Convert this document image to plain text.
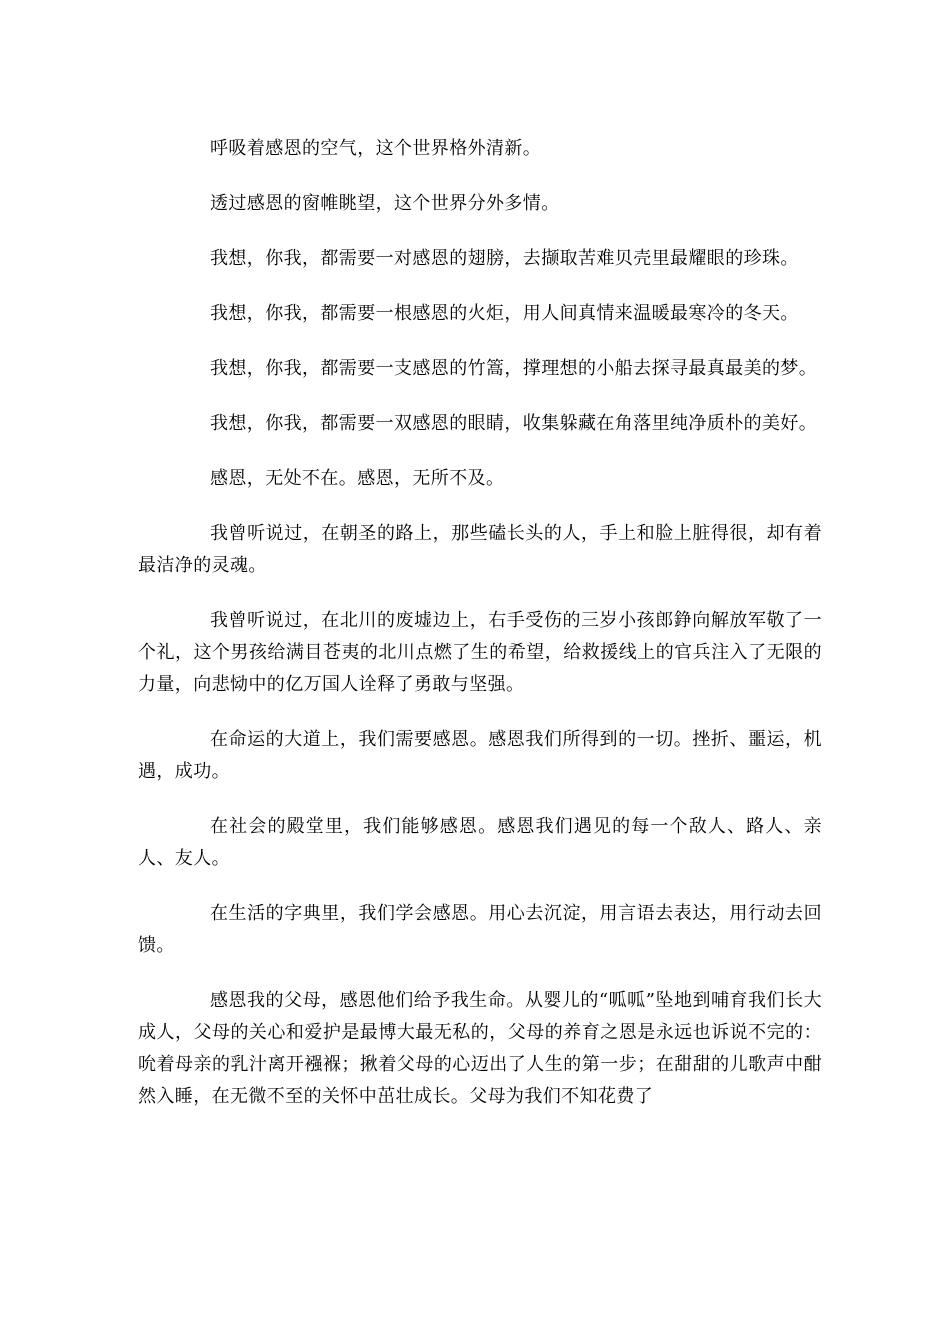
呼吸着感恩的空气，这个世界格外清新。

透过感恩的窗帷眺望，这个世界分外多情。

我想，你我，都需要一对感恩的翅膀，去撷取苦难贝壳里最耀眼的珍珠。

我想，你我，都需要一根感恩的火炬，用人间真情来温暖最寒冷的冬天。

我想，你我，都需要一支感恩的竹篙，撑理想的小船去探寻最真最美的梦。

我想，你我，都需要一双感恩的眼睛，收集躲藏在角落里纯净质朴的美好。

感恩，无处不在。感恩，无所不及。

我曾听说过，在朝圣的路上，那些磕长头的人，手上和脸上脏得很，却有着最洁净的灵魂。

我曾听说过，在北川的废墟边上，右手受伤的三岁小孩郎錚向解放军敬了一个礼，这个男孩给满目苍夷的北川点燃了生的希望，给救援线上的官兵注入了无限的力量，向悲恸中的亿万国人诠释了勇敢与坚强。

在命运的大道上，我们需要感恩。感恩我们所得到的一切。挫折、噩运，机遇，成功。

在社会的殿堂里，我们能够感恩。感恩我们遇见的每一个敌人、路人、亲人、友人。

在生活的字典里，我们学会感恩。用心去沉淀，用言语去表达，用行动去回馈。

感恩我的父母，感恩他们给予我生命。从婴儿的“呱呱”坠地到哺育我们长大成人，父母的关心和爱护是最博大最无私的，父母的养育之恩是永远也诉说不完的：吮着母亲的乳汁离开襁褓；揪着父母的心迈出了人生的第一步；在甜甜的儿歌声中酣然入睡，在无微不至的关怀中茁壮成长。父母为我们不知花费了
